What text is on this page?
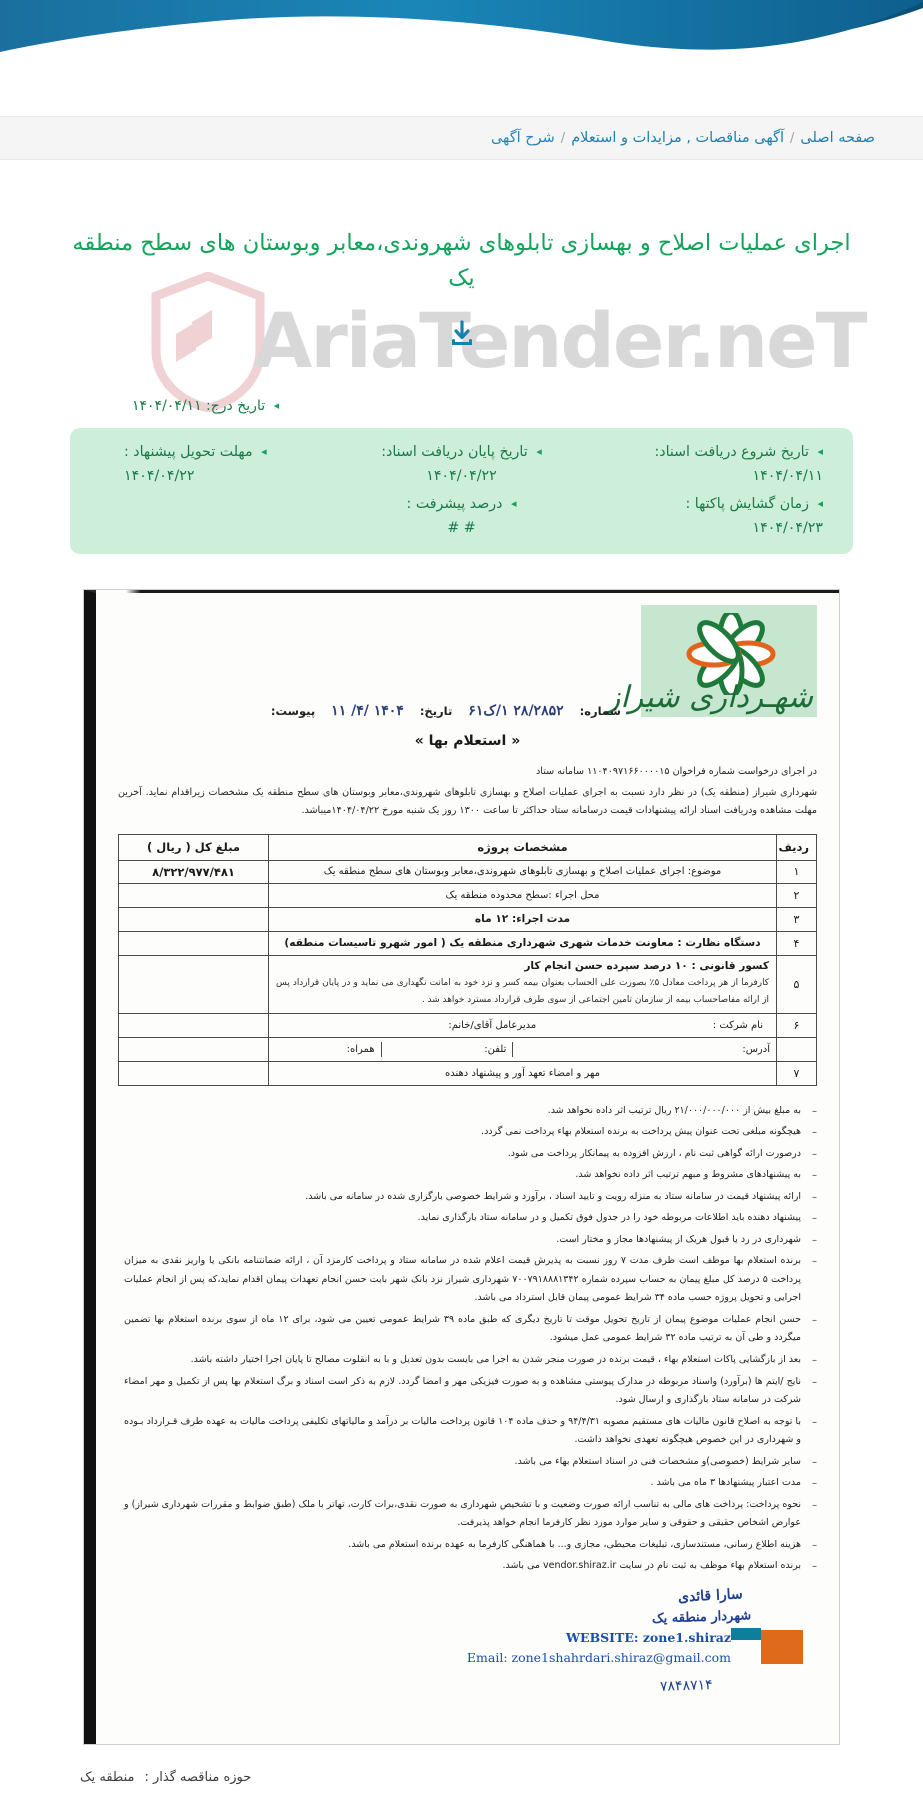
صفحه اصلی/آگهی مناقصات , مزایدات و استعلام/شرح آگهی
AriaTender.neT
اجرای عملیات اصلاح و بهسازی تابلوهای شهروندی،معابر وبوستان های سطح منطقه یک
◂ تاریخ درج: ۱۴۰۴/۰۴/۱۱
◂ تاریخ شروع دریافت اسناد:
۱۴۰۴/۰۴/۱۱
◂ تاریخ پایان دریافت اسناد:
۱۴۰۴/۰۴/۲۲
◂ مهلت تحویل پیشنهاد :
۱۴۰۴/۰۴/۲۲
◂ زمان گشایش پاکتها :
۱۴۰۴/۰۴/۲۳
◂ درصد پیشرفت :
# #
شهـرداری شیراز
شماره:
۲۸/۲۸۵۲ ۱/ک۶۱
تاریخ:
۱۴۰۴ /۴/ ۱۱
پیوست:
« استعلام بها »

در اجرای درخواست شماره فراخوان ۱۱۰۴۰۹۷۱۶۶۰۰۰۰۱۵ سامانه ستاد

شهرداری شیراز (منطقه یک) در نظر دارد نسبت به اجرای عملیات اصلاح و بهسازی تابلوهای شهروندی،معابر وبوستان های سطح منطقه یک مشخصات زیراقدام نماید. آخرین مهلت مشاهده ودریافت اسناد ارائه پیشنهادات قیمت درسامانه ستاد حداکثر تا ساعت ۱۳۰۰ روز یک شنبه مورخ ۱۴۰۴/۰۴/۲۲میباشد.

ردیف	مشخصات پروژه	مبلغ کل ( ریال )
۱	موضوع: اجرای عملیات اصلاح و بهسازی تابلوهای شهروندی،معابر وبوستان های سطح منطقه یک	۸/۳۲۲/۹۷۷/۴۸۱
۲	محل اجراء :سطح محدوده منطقه یک	
۳	مدت اجراء: ۱۲ ماه	
۴	دستگاه نظارت : معاونت خدمات شهری شهرداری منطقه یک ( امور شهرو تاسیسات منطقه)	
۵	کسور قانونی : ۱۰ درصد سپرده حسن انجام کار
کارفرما از هر پرداخت معادل ۵٪ بصورت علی الحساب بعنوان بیمه کسر و نزد خود به امانت نگهداری می نماید و در پایان قرارداد پس از ارائه مفاصاحساب بیمه از سازمان تامین اجتماعی از سوی طرف قرارداد مسترد خواهد شد .	

۶	نام شرکت :
مدیرعامل آقای/خانم:	

	آدرس:
تلفن:
همراه:	

۷	مهر و امضاء تعهد آور و پیشنهاد دهنده	
– به مبلغ بیش از ۲۱/۰۰۰/۰۰۰/۰۰۰ ریال ترتیب اثر داده نخواهد شد.
– هیچگونه مبلغی تحت عنوان پیش پرداخت به برنده استعلام بهاء پرداخت نمی گردد.
– درصورت ارائه گواهی ثبت نام ، ارزش افزوده به پیمانکار پرداخت می شود.
– به پیشنهادهای مشروط و مبهم ترتیب اثر داده نخواهد شد.
– ارائه پیشنهاد قیمت در سامانه ستاد به منزله رویت و تایید اسناد ، برآورد و شرایط خصوصی بارگزاری شده در سامانه می باشد.
– پیشنهاد دهنده باید اطلاعات مربوطه خود را در جدول فوق تکمیل و در سامانه ستاد بارگذاری نماید.
– شهرداری در رد یا قبول هریک از پیشنهادها مجاز و مختار است.
– برنده استعلام بها موظف است ظرف مدت ۷ روز نسبت به پذیرش قیمت اعلام شده در سامانه ستاد و پرداخت کارمزد آن ، ارائه ضمانتنامه بانکی یا واریز نقدی به میزان پرداخت ۵ درصد کل مبلغ پیمان به حساب سپرده شماره ۷۰۰۷۹۱۸۸۸۱۳۴۲ شهرداری شیراز نزد بانک شهر بابت حسن انجام تعهدات پیمان اقدام نماید،که پس از انجام عملیات اجرایی و تحویل پروژه حسب ماده ۳۴ شرایط عمومی پیمان قابل استرداد می باشد.
– حسن انجام عملیات موضوع پیمان از تاریخ تحویل موقت تا تاریخ دیگری که طبق ماده ۳۹ شرایط عمومی تعیین می شود، برای ۱۲ ماه از سوی برنده استعلام بها تضمین میگردد و طی آن به ترتیب ماده ۳۲ شرایط عمومی عمل میشود.
– بعد از بازگشایی پاکات استعلام بهاء ، قیمت برنده در صورت منجر شدن به اجرا می بایست بدون تعدیل و با به انقلوت مصالح تا پایان اجرا اختیار داشته باشد.
– نایج /ایتم ها (برآورد) واسناد مربوطه در مدارک پیوستی مشاهده و به صورت فیزیکی مهر و امضا گردد. لازم به ذکر است اسناد و برگ استعلام بها پس از تکمیل و مهر امضاء شرکت در سامانه ستاد بارگذاری و ارسال شود.
– با توجه به اصلاح قانون مالیات های مستقیم مصوبه ۹۴/۴/۳۱ و حذف ماده ۱۰۴ قانون پرداخت مالیات بر درآمد و مالیاتهای تکلیفی پرداخت مالیات به عهده طرف قـرارداد بـوده و شهرداری در این خصوص هیچگونه تعهدی نخواهد داشت.
– سایر شرایط (خصوصی)و مشخصات فنی در اسناد استعلام بهاء می باشد.
– مدت اعتبار پیشنهادها ۳ ماه می باشد .
– نحوه پرداخت: پرداخت های مالی به تناسب ارائه صورت وضعیت و با تشخیص شهرداری به صورت نقدی،برات کارت، تهاتر با ملک (طبق ضوابط و مقررات شهرداری شیراز) و عوارض اشخاص حقیقی و حقوقی و سایر موارد مورد نظر کارفرما انجام خواهد پذیرفت.
– هزینه اطلاع رسانی، مستندسازی، تبلیغات محیطی، مجازی و... با هماهنگی کارفرما به عهده برنده استعلام می باشد.
– برنده استعلام بهاء موظف به ثبت نام در سایت vendor.shiraz.ir می باشد.
سارا قائدی
شهردار منطقه یک
WEBSITE: zone1.shiraz
Email: zone1shahrdari.shiraz@gmail.com
۷۸۴۸۷۱۴
حوزه مناقصه گذار :منطقه یک
